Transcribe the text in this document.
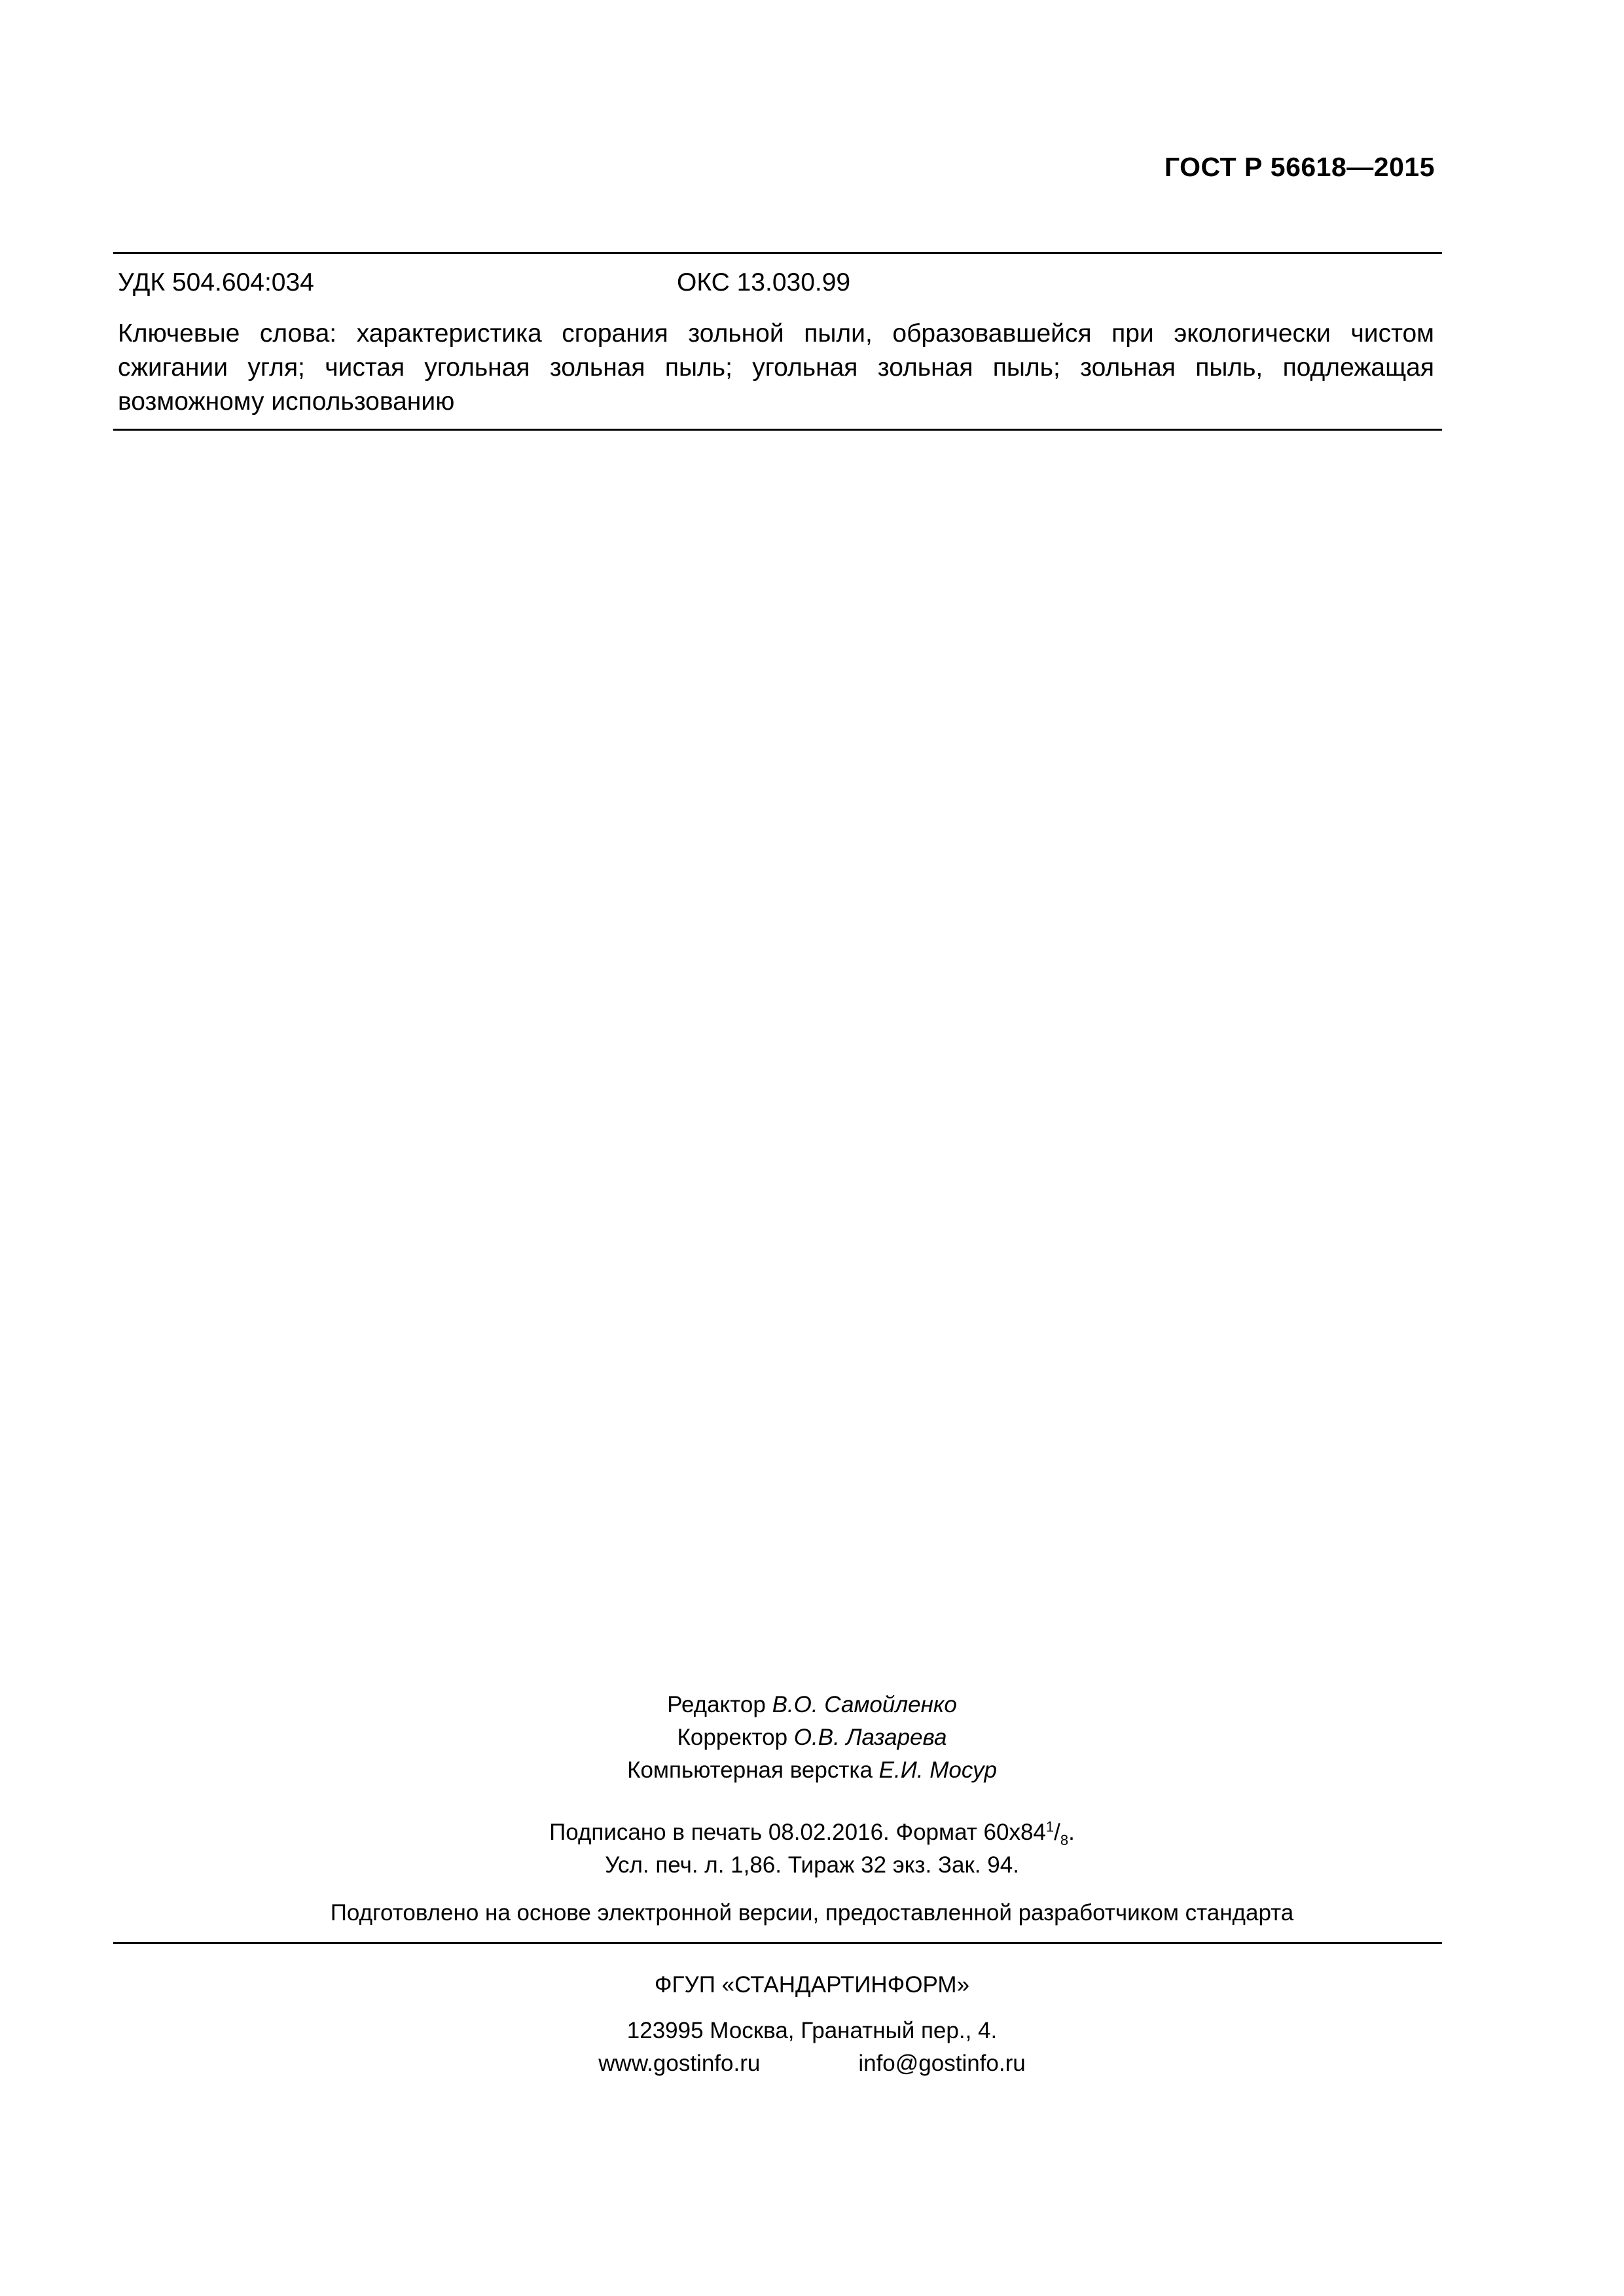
ГОСТ Р 56618—2015
УДК 504.604:034	ОКС 13.030.99
Ключевые слова: характеристика сгорания зольной пыли, образовавшейся при экологически чистом сжигании угля; чистая угольная зольная пыль; угольная зольная пыль; зольная пыль, подлежащая возможному использованию
Редактор В.О. Самойленко
Корректор О.В. Лазарева
Компьютерная верстка Е.И. Мосур
Подписано в печать 08.02.2016. Формат $60x84^1/_8$.
Усл. печ. л. 1,86. Тираж 32 экз. Зак. 94.
Подготовлено на основе электронной версии, предоставленной разработчиком стандарта
ФГУП «СТАНДАРТИНФОРМ»
123995 Москва, Гранатный пер., 4.
www.gostinfo.ru	info@gostinfo.ru
